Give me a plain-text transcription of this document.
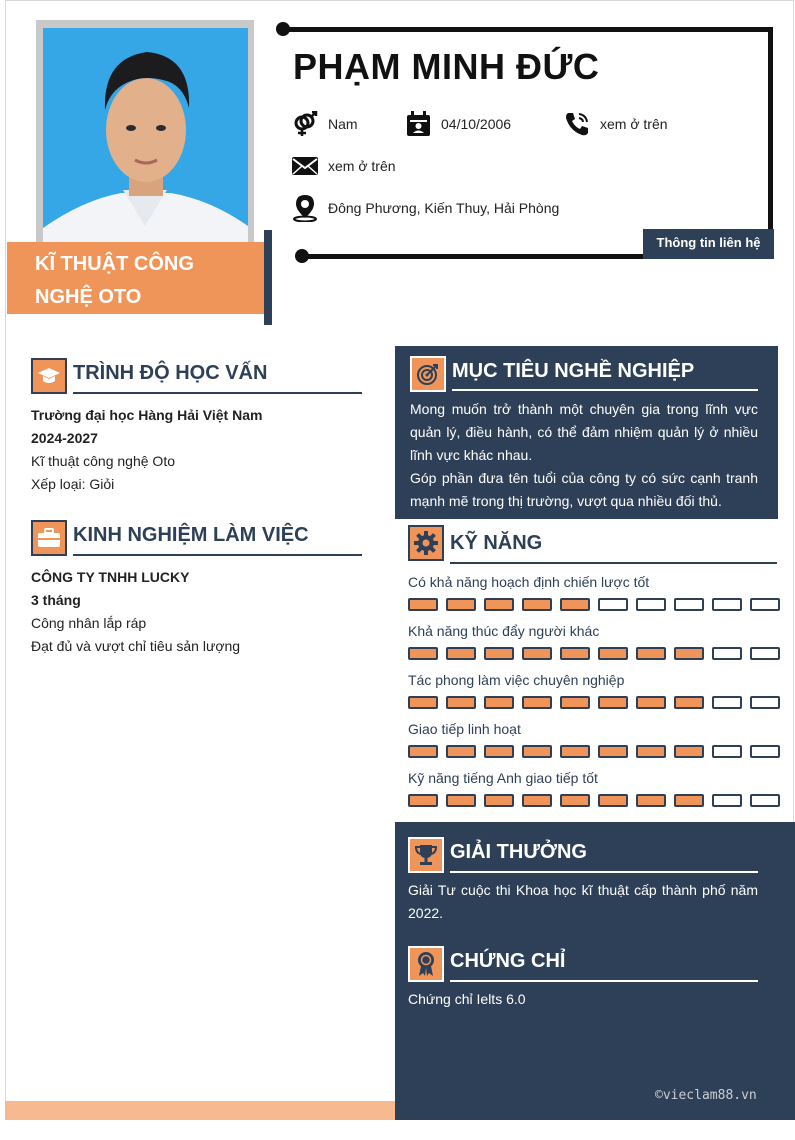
KĨ THUẬT CÔNG NGHỆ OTO
Thông tin liên hệ
PHẠM MINH ĐỨC
Nam	04/10/2006	xem ở trên
xem ở trên
Đông Phương, Kiến Thuy, Hải Phòng
TRÌNH ĐỘ HỌC VẤN
Trường đại học Hàng Hải Việt Nam
2024-2027
Kĩ thuật công nghệ Oto
Xếp loại: Giỏi
KINH NGHIỆM LÀM VIỆC
CÔNG TY TNHH LUCKY
3 tháng
Công nhân lắp ráp
Đạt đủ và vượt chỉ tiêu sản lượng
MỤC TIÊU NGHỀ NGHIỆP
Mong muốn trở thành một chuyên gia trong lĩnh vực quản lý, điều hành, có thể đảm nhiệm quản lý ở nhiều lĩnh vực khác nhau.
Góp phần đưa tên tuổi của công ty có sức cạnh tranh mạnh mẽ trong thị trường, vượt qua nhiều đối thủ.
KỸ NĂNG
Có khả năng hoạch định chiến lược tốt
Khả năng thúc đẩy người khác
Tác phong làm việc chuyên nghiệp
Giao tiếp linh hoạt
Kỹ năng tiếng Anh giao tiếp tốt
GIẢI THƯỞNG
Giải Tư cuộc thi Khoa học kĩ thuật cấp thành phố năm 2022.
CHỨNG CHỈ
Chứng chỉ Ielts 6.0
©vieclam88.vn
